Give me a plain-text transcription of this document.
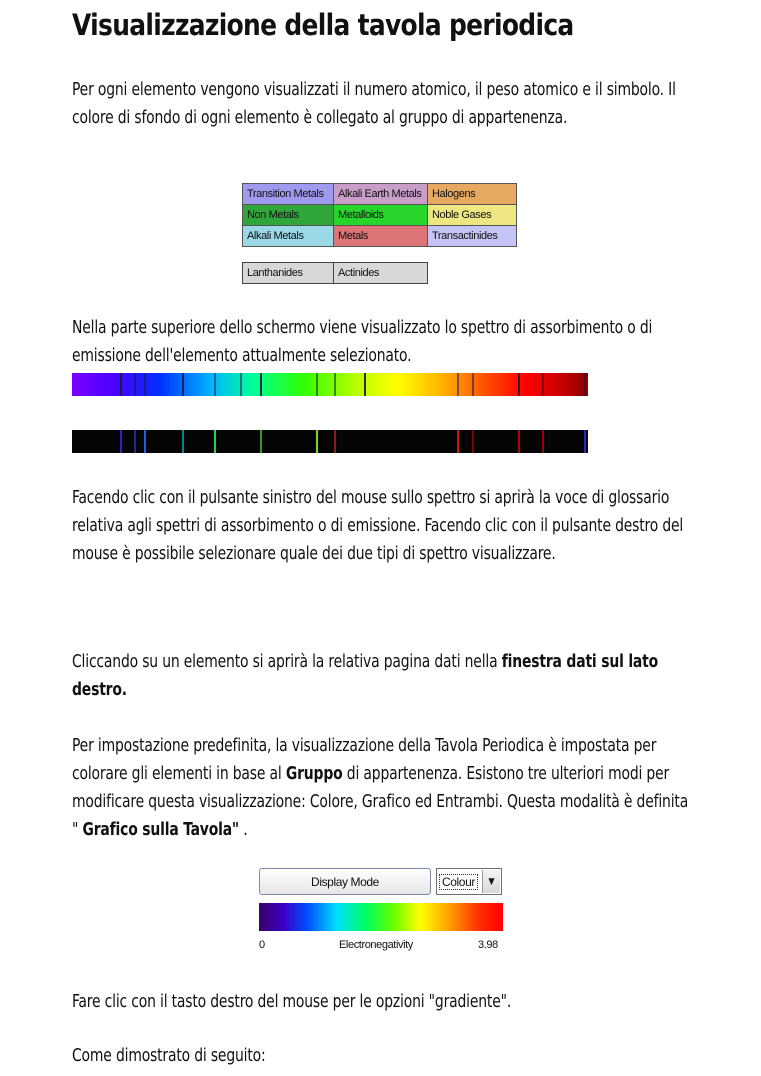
Visualizzazione della tavola periodica

Per ogni elemento vengono visualizzati il numero atomico, il peso atomico e il simbolo. Il colore di sfondo di ogni elemento è collegato al gruppo di appartenenza.

Transition Metals	Alkali Earth Metals	Halogens
Non Metals	Metalloids	Noble Gases
Alkali Metals	Metals	Transactinides
Lanthanides	Actinides

Nella parte superiore dello schermo viene visualizzato lo spettro di assorbimento o di emissione dell'elemento attualmente selezionato.

Facendo clic con il pulsante sinistro del mouse sullo spettro si aprirà la voce di glossario relativa agli spettri di assorbimento o di emissione. Facendo clic con il pulsante destro del mouse è possibile selezionare quale dei due tipi di spettro visualizzare.

Cliccando su un elemento si aprirà la relativa pagina dati nella finestra dati sul lato destro.

Per impostazione predefinita, la visualizzazione della Tavola Periodica è impostata per colorare gli elementi in base al Gruppo di appartenenza. Esistono tre ulteriori modi per modificare questa visualizzazione: Colore, Grafico ed Entrambi. Questa modalità è definita " Grafico sulla Tavola" .

Display Mode	Colour	▼
0	Electronegativity	3.98

Fare clic con il tasto destro del mouse per le opzioni "gradiente".

Come dimostrato di seguito:
